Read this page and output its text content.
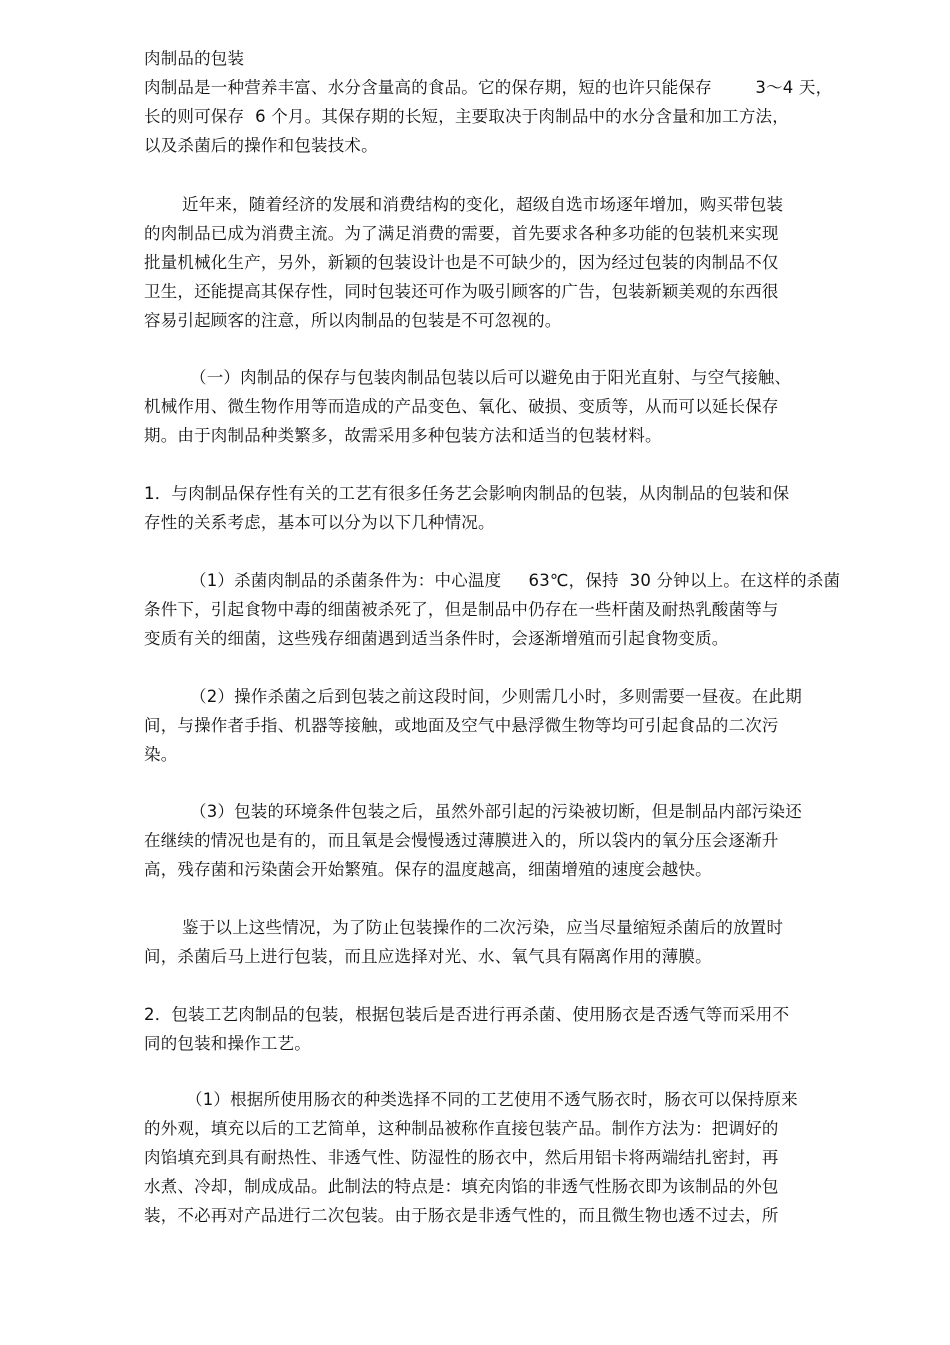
肉制品的包装
肉制品是一种营养丰富、水分含量高的食品。它的保存期，短的也许只能保存        3～4 天，
长的则可保存  6 个月。其保存期的长短，主要取决于肉制品中的水分含量和加工方法，
以及杀菌后的操作和包装技术。
近年来，随着经济的发展和消费结构的变化，超级自选市场逐年增加，购买带包装
的肉制品已成为消费主流。为了满足消费的需要，首先要求各种多功能的包装机来实现
批量机械化生产，另外，新颖的包装设计也是不可缺少的，因为经过包装的肉制品不仅
卫生，还能提高其保存性，同时包装还可作为吸引顾客的广告，包装新颖美观的东西很
容易引起顾客的注意，所以肉制品的包装是不可忽视的。
（一）肉制品的保存与包装肉制品包装以后可以避免由于阳光直射、与空气接触、
机械作用、微生物作用等而造成的产品变色、氧化、破损、变质等，从而可以延长保存
期。由于肉制品种类繁多，故需采用多种包装方法和适当的包装材料。
1．与肉制品保存性有关的工艺有很多任务艺会影响肉制品的包装，从肉制品的包装和保
存性的关系考虑，基本可以分为以下几种情况。
（1）杀菌肉制品的杀菌条件为：中心温度     63℃，保持  30 分钟以上。在这样的杀菌
条件下，引起食物中毒的细菌被杀死了，但是制品中仍存在一些杆菌及耐热乳酸菌等与
变质有关的细菌，这些残存细菌遇到适当条件时，会逐渐增殖而引起食物变质。
（2）操作杀菌之后到包装之前这段时间，少则需几小时，多则需要一昼夜。在此期
间，与操作者手指、机器等接触，或地面及空气中悬浮微生物等均可引起食品的二次污
染。
（3）包装的环境条件包装之后，虽然外部引起的污染被切断，但是制品内部污染还
在继续的情况也是有的，而且氧是会慢慢透过薄膜进入的，所以袋内的氧分压会逐渐升
高，残存菌和污染菌会开始繁殖。保存的温度越高，细菌增殖的速度会越快。
鉴于以上这些情况，为了防止包装操作的二次污染，应当尽量缩短杀菌后的放置时
间，杀菌后马上进行包装，而且应选择对光、水、氧气具有隔离作用的薄膜。
2．包装工艺肉制品的包装，根据包装后是否进行再杀菌、使用肠衣是否透气等而采用不
同的包装和操作工艺。
（1）根据所使用肠衣的种类选择不同的工艺使用不透气肠衣时，肠衣可以保持原来
的外观，填充以后的工艺简单，这种制品被称作直接包装产品。制作方法为：把调好的
肉馅填充到具有耐热性、非透气性、防湿性的肠衣中，然后用铝卡将两端结扎密封，再
水煮、冷却，制成成品。此制法的特点是：填充肉馅的非透气性肠衣即为该制品的外包
装，不必再对产品进行二次包装。由于肠衣是非透气性的，而且微生物也透不过去，所
